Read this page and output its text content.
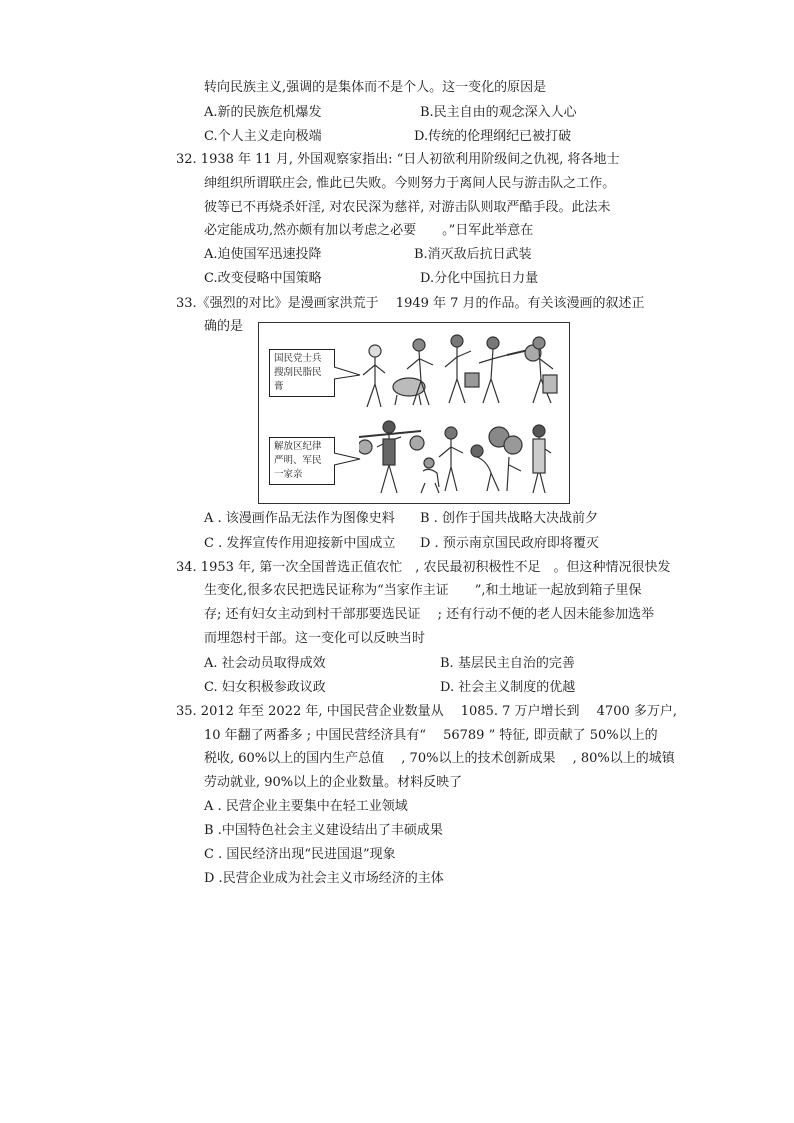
转向民族主义,强调的是集体而不是个人。这一变化的原因是
A.新的民族危机爆发	B.民主自由的观念深入人心
C.个人主义走向极端	D.传统的伦理纲纪已被打破
32. 1938 年 11 月, 外国观察家指出: “日人初欲利用阶级间之仇视, 将各地士
绅组织所谓联庄会, 惟此已失败。今则努力于离间人民与游击队之工作。
彼等已不再烧杀奸淫, 对农民深为慈祥, 对游击队则取严酷手段。此法未
必定能成功,然亦颇有加以考虑之必要　　。”日军此举意在
A.迫使国军迅速投降	B.消灭敌后抗日武装
C.改变侵略中国策略	D.分化中国抗日力量
33.《强烈的对比》是漫画家洪荒于　 1949 年 7 月的作品。有关该漫画的叙述正
确的是
国民党士兵搜刮民脂民膏
解放区纪律严明、军民一家亲
A . 该漫画作品无法作为图像史料 B . 创作于国共战略大决战前夕
C . 发挥宣传作用迎接新中国成立 D . 预示南京国民政府即将覆灭
34. 1953 年, 第一次全国普选正值农忙　, 农民最初积极性不足　。但这种情况很快发
生变化,很多农民把选民证称为“当家作主证　　”,和土地证一起放到箱子里保
存; 还有妇女主动到村干部那要选民证　 ; 还有行动不便的老人因未能参加选举
而埋怨村干部。这一变化可以反映当时
A. 社会动员取得成效	B. 基层民主自治的完善
C. 妇女积极参政议政	D. 社会主义制度的优越
35. 2012 年至 2022 年, 中国民营企业数量从　 1085. 7 万户增长到　 4700 多万户,
10 年翻了两番多 ; 中国民营经济具有“　 56789 ” 特征, 即贡献了 50%以上的
税收, 60%以上的国内生产总值　 , 70%以上的技术创新成果　 , 80%以上的城镇
劳动就业, 90%以上的企业数量。材料反映了
A . 民营企业主要集中在轻工业领域
B .中国特色社会主义建设结出了丰硕成果
C . 国民经济出现“民进国退”现象
D .民营企业成为社会主义市场经济的主体
